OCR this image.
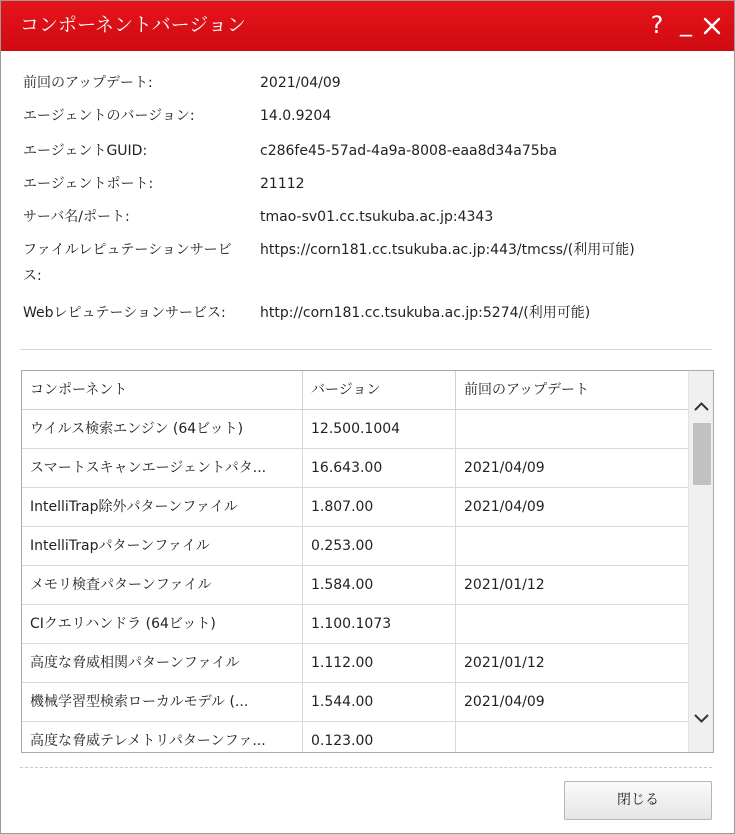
コンポーネントバージョン	? _
前回のアップデート:	2021/04/09
エージェントのバージョン:	14.0.9204
エージェントGUID:	c286fe45-57ad-4a9a-8008-eaa8d34a75ba
エージェントポート:	21112
サーバ名/ポート:	tmao-sv01.cc.tsukuba.ac.jp:4343
ファイルレピュテーションサービス:
https://corn181.cc.tsukuba.ac.jp:443/tmcss/(利用可能)
Webレピュテーションサービス:	http://corn181.cc.tsukuba.ac.jp:5274/(利用可能)
コンポーネント	バージョン	前回のアップデート
ウイルス検索エンジン (64ビット)	12.500.1004
スマートスキャンエージェントパタ...	16.643.00	2021/04/09
IntelliTrap除外パターンファイル	1.807.00	2021/04/09
IntelliTrapパターンファイル	0.253.00
メモリ検査パターンファイル	1.584.00	2021/01/12
CIクエリハンドラ (64ビット)	1.100.1073
高度な脅威相関パターンファイル	1.112.00	2021/01/12
機械学習型検索ローカルモデル (...	1.544.00	2021/04/09
高度な脅威テレメトリパターンファ...	0.123.00
閉じる
